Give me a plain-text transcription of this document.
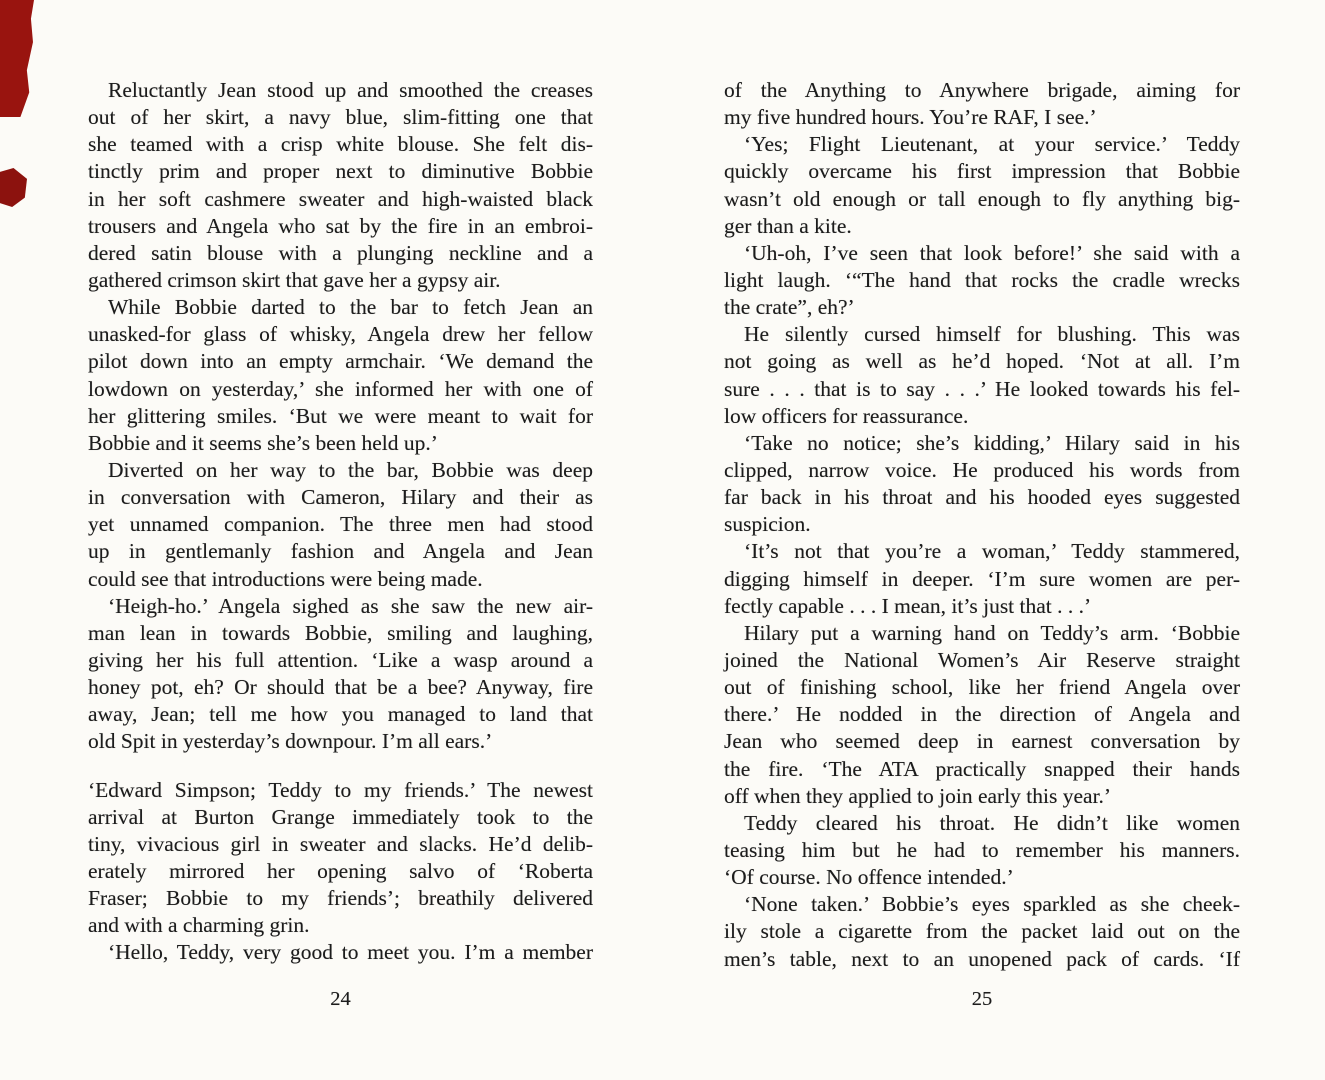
Reluctantly Jean stood up and smoothed the creases
out of her skirt, a navy blue, slim-fitting one that
she teamed with a crisp white blouse. She felt dis-
tinctly prim and proper next to diminutive Bobbie
in her soft cashmere sweater and high-waisted black
trousers and Angela who sat by the fire in an embroi-
dered satin blouse with a plunging neckline and a
gathered crimson skirt that gave her a gypsy air.
While Bobbie darted to the bar to fetch Jean an
unasked-for glass of whisky, Angela drew her fellow
pilot down into an empty armchair. ‘We demand the
lowdown on yesterday,’ she informed her with one of
her glittering smiles. ‘But we were meant to wait for
Bobbie and it seems she’s been held up.’
Diverted on her way to the bar, Bobbie was deep
in conversation with Cameron, Hilary and their as
yet unnamed companion. The three men had stood
up in gentlemanly fashion and Angela and Jean
could see that introductions were being made.
‘Heigh-ho.’ Angela sighed as she saw the new air-
man lean in towards Bobbie, smiling and laughing,
giving her his full attention. ‘Like a wasp around a
honey pot, eh? Or should that be a bee? Anyway, fire
away, Jean; tell me how you managed to land that
old Spit in yesterday’s downpour. I’m all ears.’
‘Edward Simpson; Teddy to my friends.’ The newest
arrival at Burton Grange immediately took to the
tiny, vivacious girl in sweater and slacks. He’d delib-
erately mirrored her opening salvo of ‘Roberta
Fraser; Bobbie to my friends’; breathily delivered
and with a charming grin.
‘Hello, Teddy, very good to meet you. I’m a member
24
of the Anything to Anywhere brigade, aiming for
my five hundred hours. You’re RAF, I see.’
‘Yes; Flight Lieutenant, at your service.’ Teddy
quickly overcame his first impression that Bobbie
wasn’t old enough or tall enough to fly anything big-
ger than a kite.
‘Uh-oh, I’ve seen that look before!’ she said with a
light laugh. ‘“The hand that rocks the cradle wrecks
the crate”, eh?’
He silently cursed himself for blushing. This was
not going as well as he’d hoped. ‘Not at all. I’m
sure . . . that is to say . . .’ He looked towards his fel-
low officers for reassurance.
‘Take no notice; she’s kidding,’ Hilary said in his
clipped, narrow voice. He produced his words from
far back in his throat and his hooded eyes suggested
suspicion.
‘It’s not that you’re a woman,’ Teddy stammered,
digging himself in deeper. ‘I’m sure women are per-
fectly capable . . . I mean, it’s just that . . .’
Hilary put a warning hand on Teddy’s arm. ‘Bobbie
joined the National Women’s Air Reserve straight
out of finishing school, like her friend Angela over
there.’ He nodded in the direction of Angela and
Jean who seemed deep in earnest conversation by
the fire. ‘The ATA practically snapped their hands
off when they applied to join early this year.’
Teddy cleared his throat. He didn’t like women
teasing him but he had to remember his manners.
‘Of course. No offence intended.’
‘None taken.’ Bobbie’s eyes sparkled as she cheek-
ily stole a cigarette from the packet laid out on the
men’s table, next to an unopened pack of cards. ‘If
25
